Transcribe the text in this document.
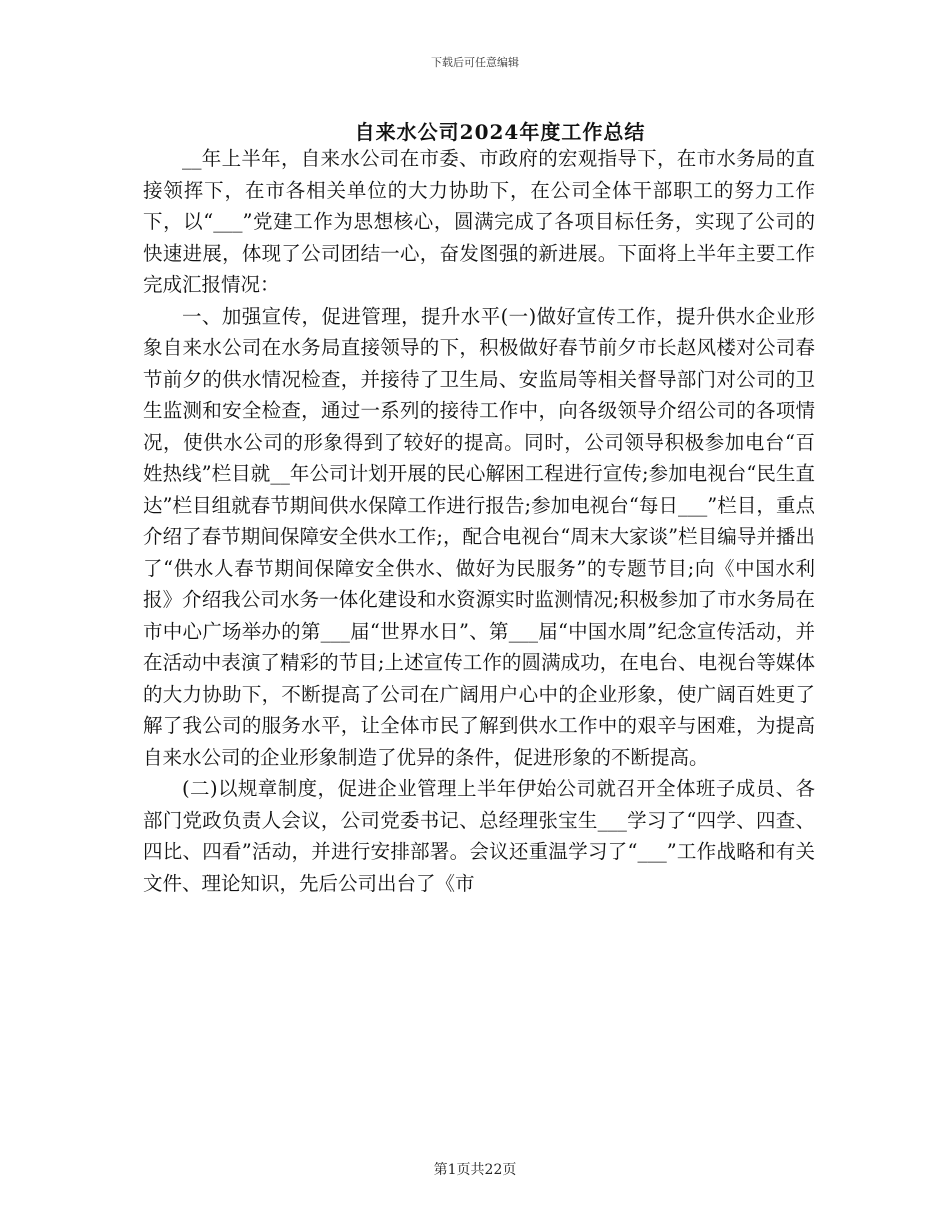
下载后可任意编辑
自来水公司2024年度工作总结

__年上半年，自来水公司在市委、市政府的宏观指导下，在市水务局的直接领挥下，在市各相关单位的大力协助下，在公司全体干部职工的努力工作下，以“___”党建工作为思想核心，圆满完成了各项目标任务，实现了公司的快速进展，体现了公司团结一心，奋发图强的新进展。下面将上半年主要工作完成汇报情况：

一、加强宣传，促进管理，提升水平(一)做好宣传工作，提升供水企业形象自来水公司在水务局直接领导的下，积极做好春节前夕市长赵风楼对公司春节前夕的供水情况检查，并接待了卫生局、安监局等相关督导部门对公司的卫生监测和安全检查，通过一系列的接待工作中，向各级领导介绍公司的各项情况，使供水公司的形象得到了较好的提高。同时，公司领导积极参加电台“百姓热线”栏目就__年公司计划开展的民心解困工程进行宣传;参加电视台“民生直达”栏目组就春节期间供水保障工作进行报告;参加电视台“每日___”栏目，重点介绍了春节期间保障安全供水工作;，配合电视台“周末大家谈”栏目编导并播出了“供水人春节期间保障安全供水、做好为民服务”的专题节目;向《中国水利报》介绍我公司水务一体化建设和水资源实时监测情况;积极参加了市水务局在市中心广场举办的第___届“世界水日”、第___届“中国水周”纪念宣传活动，并在活动中表演了精彩的节目;上述宣传工作的圆满成功，在电台、电视台等媒体的大力协助下，不断提高了公司在广阔用户心中的企业形象，使广阔百姓更了解了我公司的服务水平，让全体市民了解到供水工作中的艰辛与困难，为提高自来水公司的企业形象制造了优异的条件，促进形象的不断提高。

(二)以规章制度，促进企业管理上半年伊始公司就召开全体班子成员、各部门党政负责人会议，公司党委书记、总经理张宝生___学习了“四学、四查、四比、四看”活动，并进行安排部署。会议还重温学习了“___”工作战略和有关文件、理论知识，先后公司出台了《市

第1页共22页
